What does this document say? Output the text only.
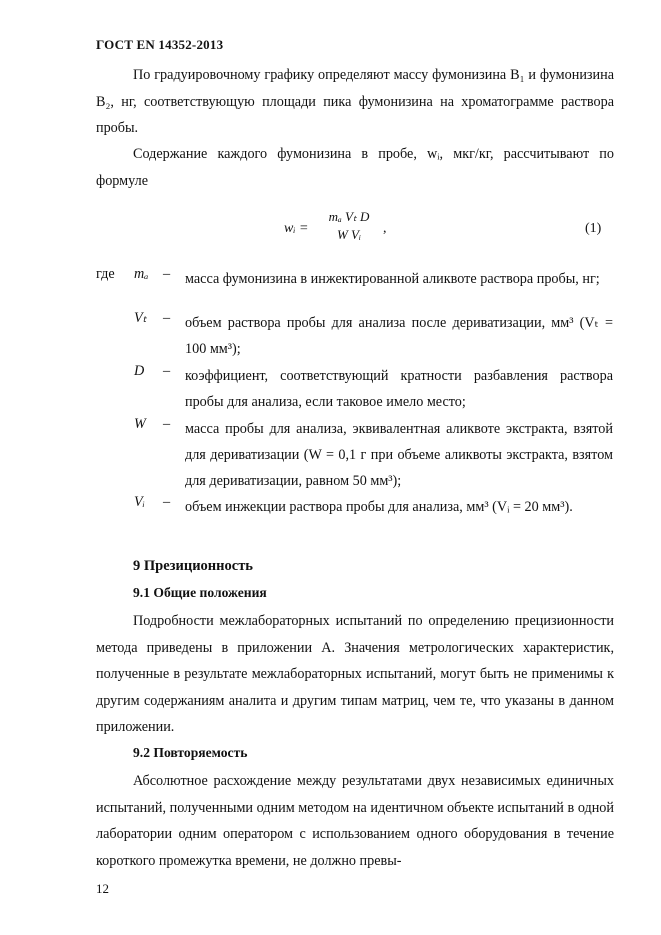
ГОСТ EN 14352-2013

По градуировочному графику определяют массу фумонизина B₁ и фумонизина B₂, нг, соответствующую площади пика фумонизина на хроматограмме раствора пробы.

Содержание каждого фумонизина в пробе, wᵢ, мкг/кг, рассчитывают по формуле

wᵢ =
mₐ Vₜ D
W Vᵢ	,	(1)
где mₐ – масса фумонизина в инжектированной аликвоте раствора пробы, нг;
Vₜ – объем раствора пробы для анализа после дериватизации, мм³ (Vₜ = 100 мм³);
D – коэффициент, соответствующий кратности разбавления раствора пробы для анализа, если таковое имело место;
W – масса пробы для анализа, эквивалентная аликвоте экстракта, взятой для дериватизации (W = 0,1 г при объеме аликвоты экстракта, взятом для дериватизации, равном 50 мм³);
Vᵢ – объем инжекции раствора пробы для анализа, мм³ (Vᵢ = 20 мм³).
9 Презиционность
9.1 Общие положения

Подробности межлабораторных испытаний по определению прецизионности метода приведены в приложении А. Значения метрологических характеристик, полученные в результате межлабораторных испытаний, могут быть не применимы к другим содержаниям аналита и другим типам матриц, чем те, что указаны в данном приложении.

9.2 Повторяемость

Абсолютное расхождение между результатами двух независимых единичных испытаний, полученными одним методом на идентичном объекте испытаний в одной лаборатории одним оператором с использованием одного оборудования в течение короткого промежутка времени, не должно превы-

12
